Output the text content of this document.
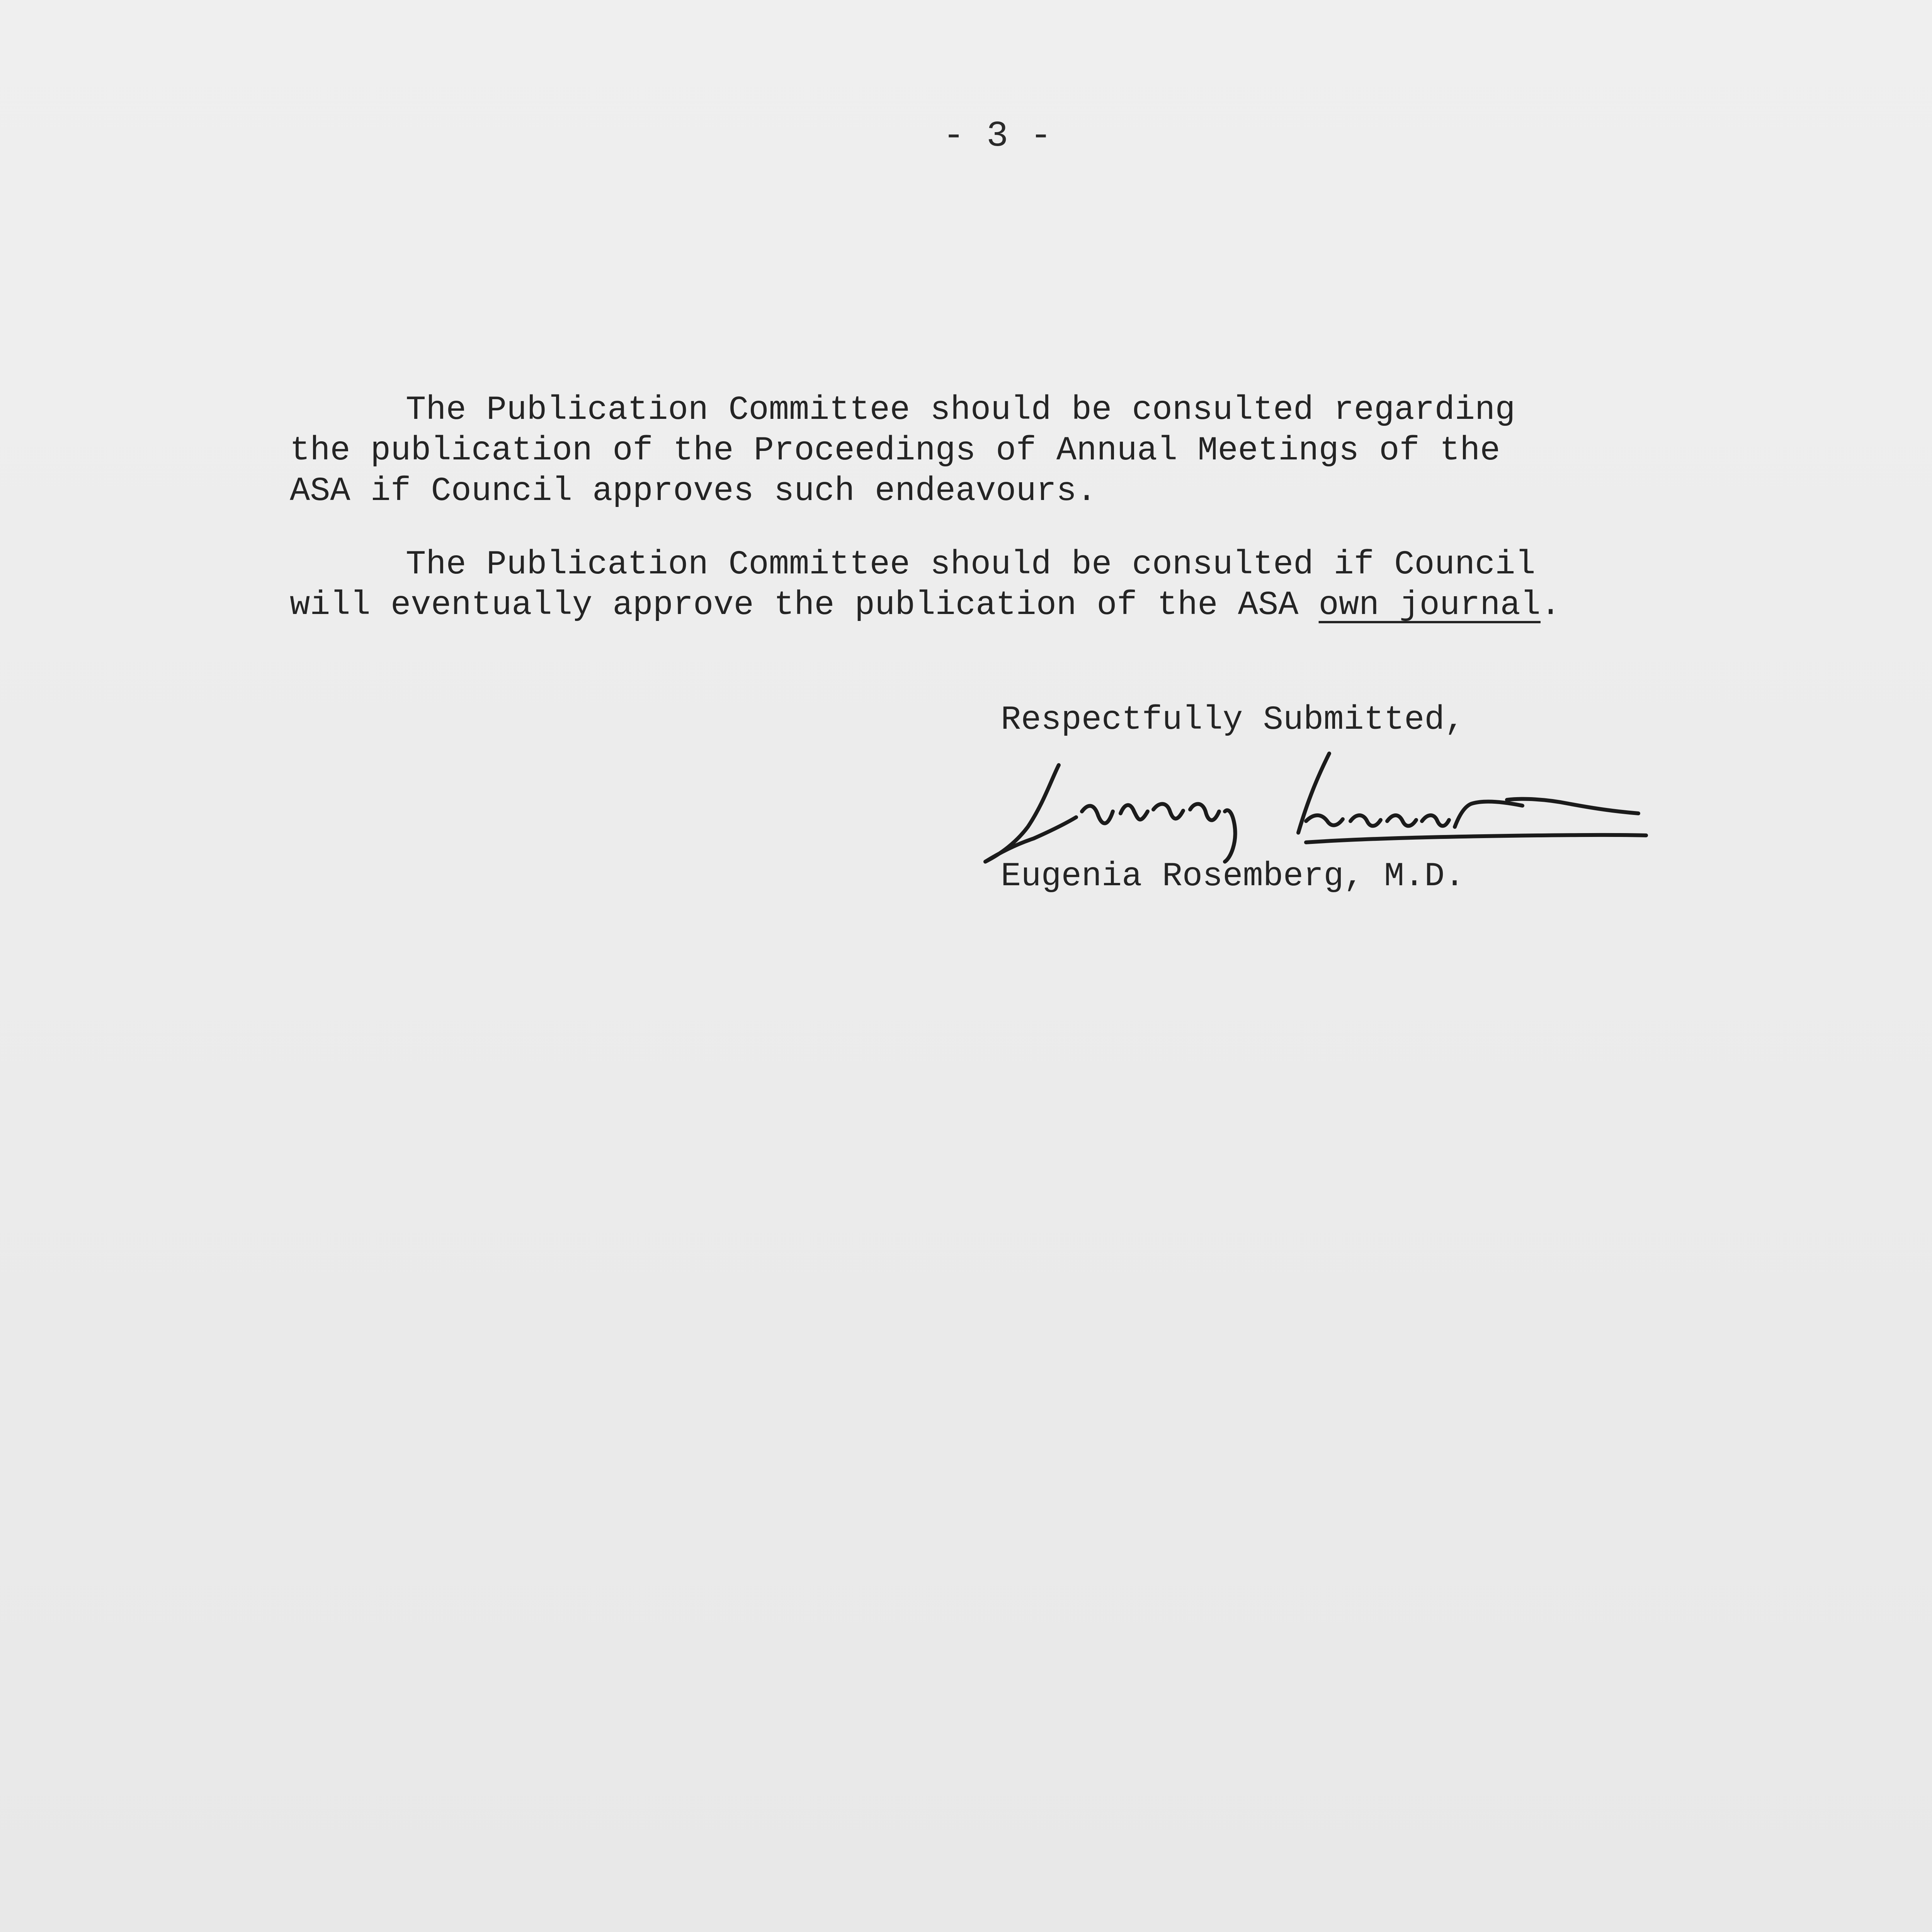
- 3 -
The Publication Committee should be consulted regarding
the publication of the Proceedings of Annual Meetings of the
ASA if Council approves such endeavours.
The Publication Committee should be consulted if Council
will eventually approve the publication of the ASA own journal.
Respectfully Submitted,
Eugenia Rosemberg, M.D.
